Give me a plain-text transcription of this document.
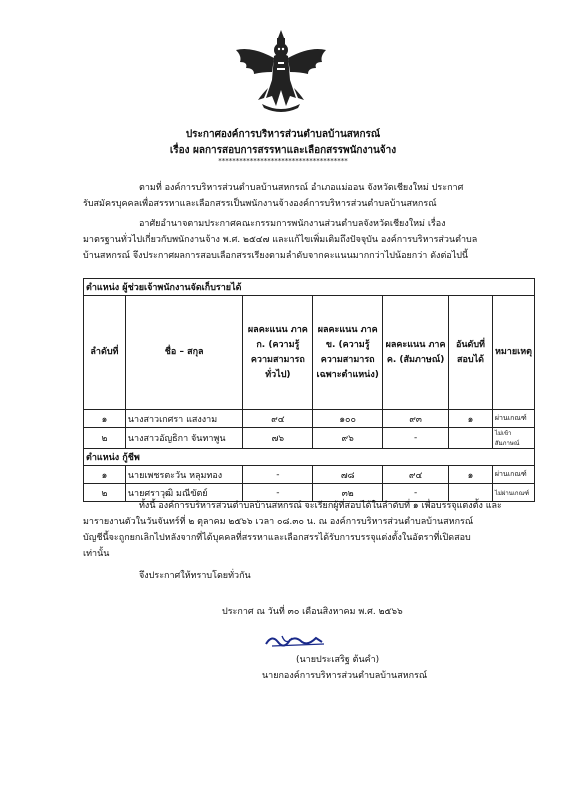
ประกาศองค์การบริหารส่วนตำบลบ้านสหกรณ์
เรื่อง ผลการสอบการสรรหาและเลือกสรรพนักงานจ้าง
*************************************

ตามที่ องค์การบริหารส่วนตำบลบ้านสหกรณ์ อำเภอแม่ออน จังหวัดเชียงใหม่ ประกาศ

รับสมัครบุคคลเพื่อสรรหาและเลือกสรรเป็นพนักงานจ้างองค์การบริหารส่วนตำบลบ้านสหกรณ์

อาศัยอำนาจตามประกาศคณะกรรมการพนักงานส่วนตำบลจังหวัดเชียงใหม่ เรื่อง

มาตรฐานทั่วไปเกี่ยวกับพนักงานจ้าง พ.ศ. ๒๕๔๗ และแก้ไขเพิ่มเติมถึงปัจจุบัน องค์การบริหารส่วนตำบล

บ้านสหกรณ์ จึงประกาศผลการสอบเลือกสรรเรียงตามลำดับจากคะแนนมากกว่าไปน้อยกว่า ดังต่อไปนี้

ตำแหน่ง ผู้ช่วยเจ้าพนักงานจัดเก็บรายได้						
ลำดับที่	ชื่อ – สกุล	ผลคะแนน ภาค ก. (ความรู้ความสามารถทั่วไป)	ผลคะแนน ภาค ข. (ความรู้ความสามารถเฉพาะตำแหน่ง)	ผลคะแนน ภาค ค. (สัมภาษณ์)	อันดับที่สอบได้	หมายเหตุ
๑	นางสาวเกศรา แสงงาม	๙๔	๑๐๐	๙๓	๑	ผ่านเกณฑ์
๒	นางสาวอัญธิกา จันทาพูน	๗๖	๙๖	-		ไม่เข้าสัมภาษณ์
ตำแหน่ง กู้ชีพ						
๑	นายเพชรตะวัน หลุมทอง	-	๗๘	๙๔	๑	ผ่านเกณฑ์
๒	นายศราวุฒิ มณีขัตย์	-	๓๒	-		ไม่ผ่านเกณฑ์
ทั้งนี้ องค์การบริหารส่วนตำบลบ้านสหกรณ์ จะเรียกผู้ที่สอบได้ในลำดับที่ ๑ เพื่อบรรจุแต่งตั้ง และ
มารายงานตัวในวันจันทร์ที่ ๒ ตุลาคม ๒๕๖๖ เวลา ๐๘.๓๐ น. ณ องค์การบริหารส่วนตำบลบ้านสหกรณ์
บัญชีนี้จะถูกยกเลิกไปหลังจากที่ได้บุคคลที่สรรหาและเลือกสรรได้รับการบรรจุแต่งตั้งในอัตราที่เปิดสอบ
เท่านั้น
จึงประกาศให้ทราบโดยทั่วกัน
ประกาศ ณ วันที่ ๓๐ เดือนสิงหาคม พ.ศ. ๒๕๖๖
(นายประเสริฐ ต้นคำ)
นายกองค์การบริหารส่วนตำบลบ้านสหกรณ์
